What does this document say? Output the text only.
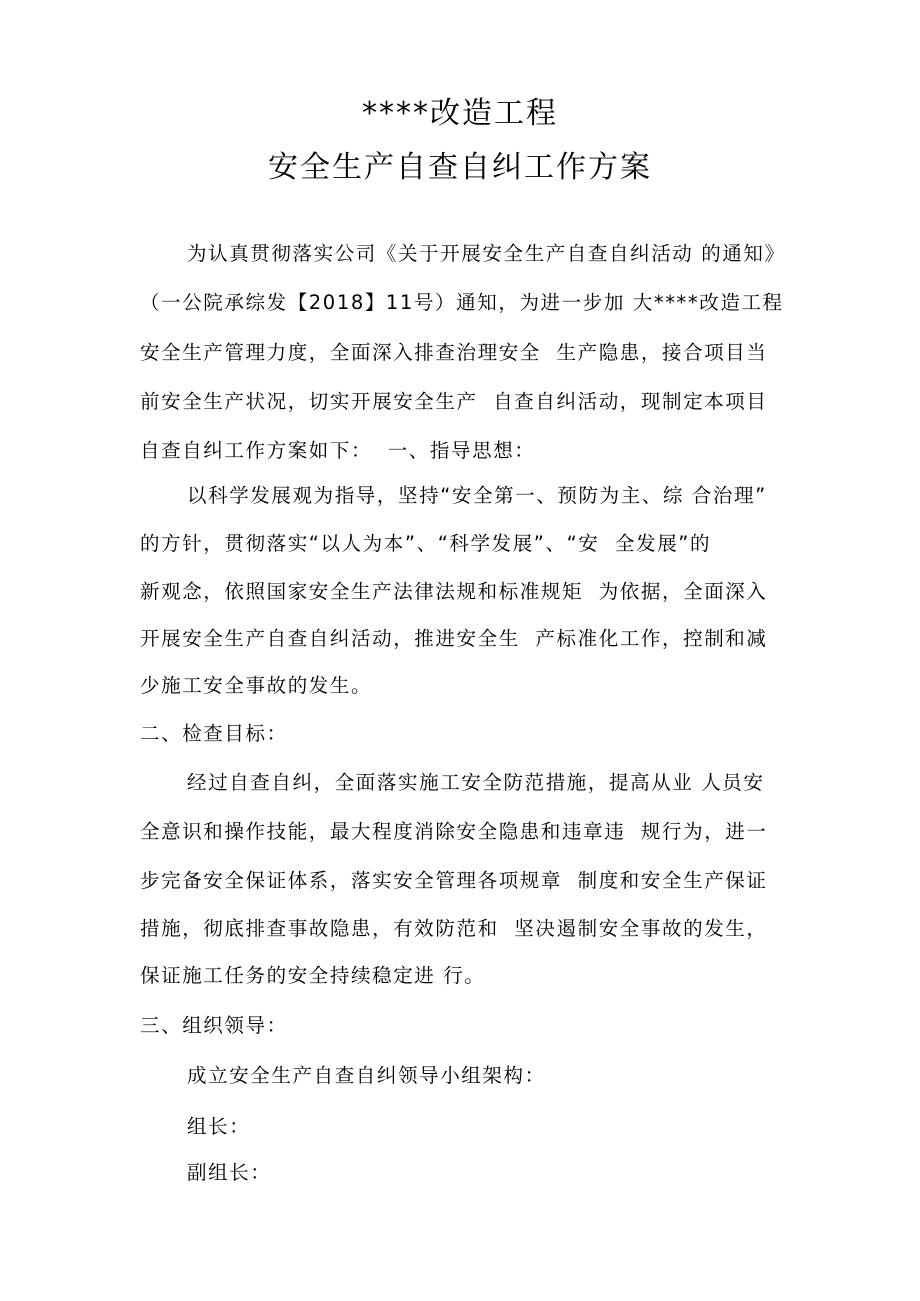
****改造工程
安全生产自查自纠工作方案
为认真贯彻落实公司《关于开展安全生产自查自纠活动 的通知》
（一公院承综发【2018】11号）通知，为进一步加 大****改造工程
安全生产管理力度，全面深入排查治理安全  生产隐患，接合项目当
前安全生产状况，切实开展安全生产  自查自纠活动，现制定本项目
自查自纠工作方案如下：  一、指导思想：
以科学发展观为指导，坚持“安全第一、预防为主、综 合治理”
的方针，贯彻落实“以人为本”、“科学发展”、“安  全发展”的
新观念，依照国家安全生产法律法规和标准规矩  为依据，全面深入
开展安全生产自查自纠活动，推进安全生  产标准化工作，控制和减
少施工安全事故的发生。
二、检查目标：
经过自查自纠，全面落实施工安全防范措施，提高从业 人员安
全意识和操作技能，最大程度消除安全隐患和违章违  规行为，进一
步完备安全保证体系，落实安全管理各项规章  制度和安全生产保证
措施，彻底排查事故隐患，有效防范和  坚决遏制安全事故的发生，
保证施工任务的安全持续稳定进 行。
三、组织领导：
成立安全生产自查自纠领导小组架构：
组长：
副组长：
